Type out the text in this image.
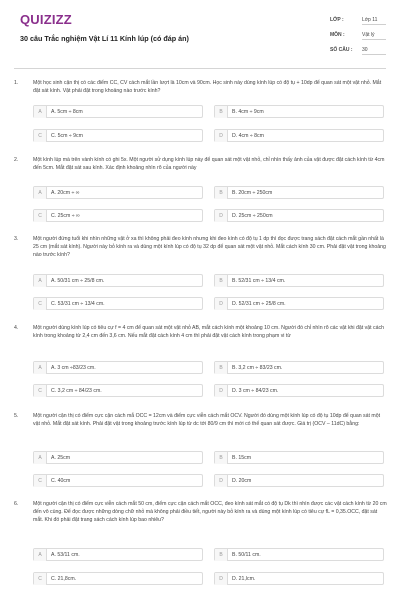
QUIZIZZ
30 câu Trắc nghiệm Vật Lí 11 Kính lúp (có đáp án)
LỚP :	Lớp 11
MÔN :	Vật lý
SỐ CÂU : 30
1.	Một học sinh cận thị có các điểm CC, CV cách mắt lần lượt là 10cm và 90cm. Học sinh này dùng kính lúp có độ tụ + 10dp để quan sát một vật nhỏ. Mắt đặt sát kính. Vật phải đặt trong khoảng nào trước kính?
A	A. 5cm ÷ 8cm	B	B. 4cm ÷ 9cm
C	C. 5cm ÷ 9cm	D	D. 4cm ÷ 8cm
2.	Một kính lúp mà trên vành kính có ghi 5x. Một người sử dụng kính lúp này để quan sát một vật nhỏ, chỉ nhìn thấy ảnh của vật được đặt cách kính từ 4cm đến 5cm. Mắt đặt sát sau kính. Xác định khoảng nhìn rõ của người này
A	A. 20cm ÷ ∞	B	B. 20cm ÷ 250cm
C	C. 25cm ÷ ∞	D	D. 25cm ÷ 250cm
3.	Một người đứng tuổi khi nhìn những vật ở xa thì không phải đeo kính nhưng khi đeo kính có độ tụ 1 dp thì đọc được trang sách đặt cách mắt gần nhất là 25 cm (mắt sát kính). Người này bỏ kính ra và dùng một kính lúp có độ tụ 32 dp để quan sát một vật nhỏ. Mắt cách kính 30 cm. Phải đặt vật trong khoảng nào trước kính?
A	A. 50/31 cm ÷ 25/8 cm.	B	B. 52/31 cm ÷ 13/4 cm.
C	C. 53/31 cm ÷ 13/4 cm.	D	D. 52/31 cm ÷ 25/8 cm.
4.	Một người dùng kính lúp có tiêu cự f = 4 cm để quan sát một vật nhỏ AB, mắt cách kính một khoảng 10 cm. Người đó chỉ nhìn rõ các vật khi đặt vật cách kính trong khoảng từ 2,4 cm đến 3,6 cm. Nếu mắt đặt cách kính 4 cm thì phải đặt vật cách kính trong phạm vi từ
A	A. 3 cm ÷83/23 cm.	B	B. 3,2 cm ÷ 83/23 cm.
C	C. 3,2 cm ÷ 84/23 cm.	D	D. 3 cm ÷ 84/23 cm.
5.	Một người cận thị có điểm cực cận cách mắ OCC = 12cm và điểm cực viễn cách mắt OCV. Người đó dùng một kính lúp có độ tụ 10dp để quan sát một vật nhỏ. Mắt đặt sát kính. Phải đặt vật trong khoảng trước kính lúp từ dc tới 80/9 cm thì mới có thể quan sát được. Giá trị (OCV – 11dC) bằng:
A	A. 25cm	B	B. 15cm
C	C. 40cm	D	D. 20cm
6.	Một người cận thị có điểm cực viễn cách mắt 50 cm, điểm cực cận cách mắt OCC, đeo kính sát mắt có độ tụ Dk thì nhìn được các vật cách kính từ 20 cm đến vô cùng. Để đọc được những dòng chữ nhỏ mà không phải điều tiết, người này bỏ kính ra và dùng một kính lúp có tiêu cự fL = 0,35.OCC, đặt sát mắt. Khi đó phải đặt trang sách cách kính lúp bao nhiêu?
A	A. 53/11 cm.	B	B. 50/11 cm.
C	C. 21,8cm.	D	D. 21,lcm.
